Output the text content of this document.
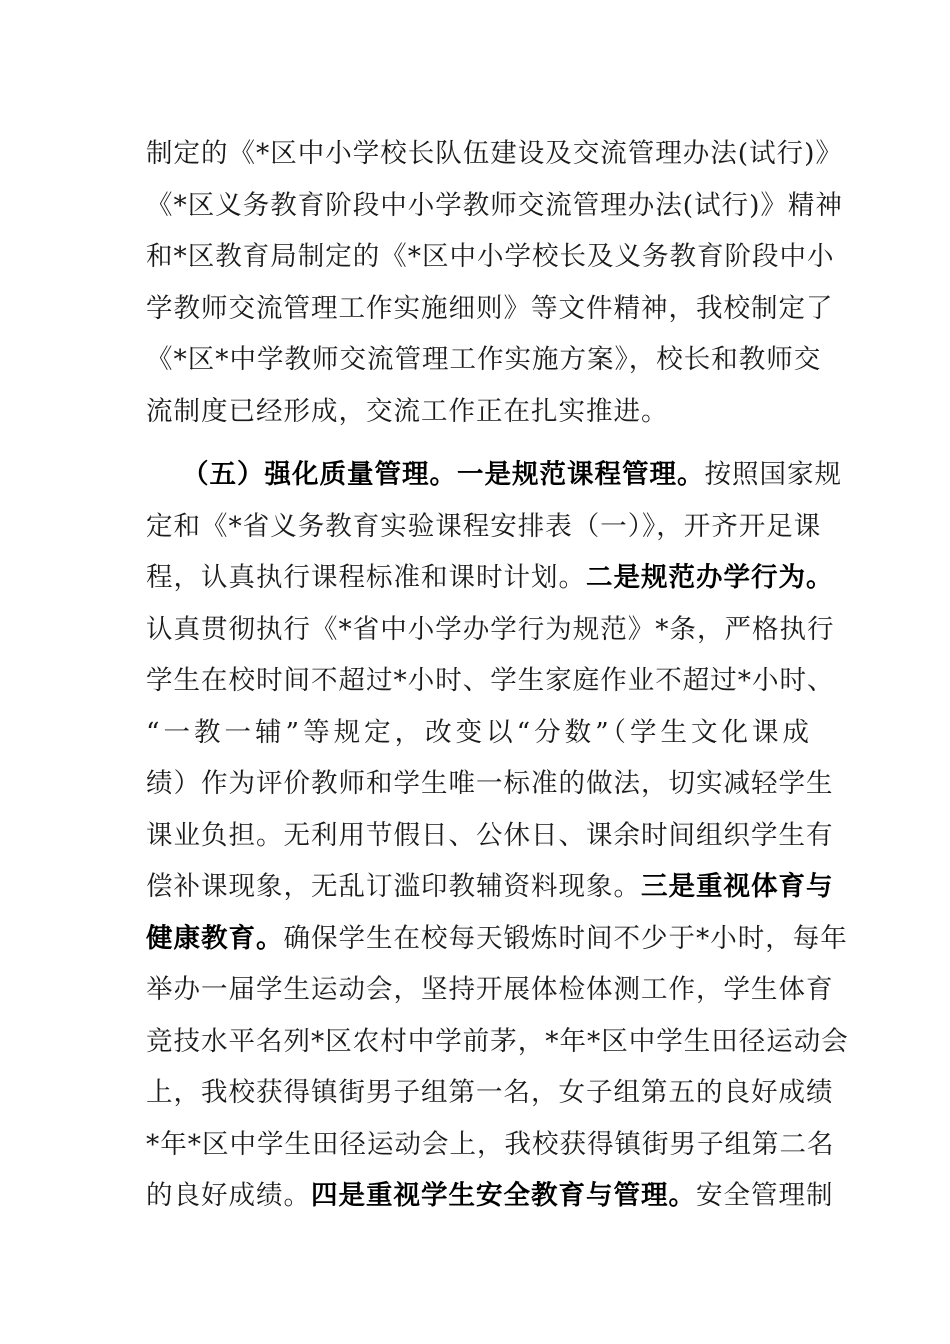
制定的《*区中小学校长队伍建设及交流管理办法(试行)》
《*区义务教育阶段中小学教师交流管理办法(试行)》精神
和*区教育局制定的《*区中小学校长及义务教育阶段中小
学教师交流管理工作实施细则》等文件精神，我校制定了
《*区*中学教师交流管理工作实施方案》，校长和教师交
流制度已经形成，交流工作正在扎实推进。
（五）强化质量管理。一是规范课程管理。按照国家规
定和《*省义务教育实验课程安排表（一）》，开齐开足课
程，认真执行课程标准和课时计划。二是规范办学行为。
认真贯彻执行《*省中小学办学行为规范》*条，严格执行
学生在校时间不超过*小时、学生家庭作业不超过*小时、
“一教一辅”等规定，改变以“分数”（学生文化课成
绩）作为评价教师和学生唯一标准的做法，切实减轻学生
课业负担。无利用节假日、公休日、课余时间组织学生有
偿补课现象，无乱订滥印教辅资料现象。三是重视体育与
健康教育。确保学生在校每天锻炼时间不少于*小时，每年
举办一届学生运动会，坚持开展体检体测工作，学生体育
竞技水平名列*区农村中学前茅，*年*区中学生田径运动会
上，我校获得镇街男子组第一名，女子组第五的良好成绩
*年*区中学生田径运动会上，我校获得镇街男子组第二名
的良好成绩。四是重视学生安全教育与管理。安全管理制
